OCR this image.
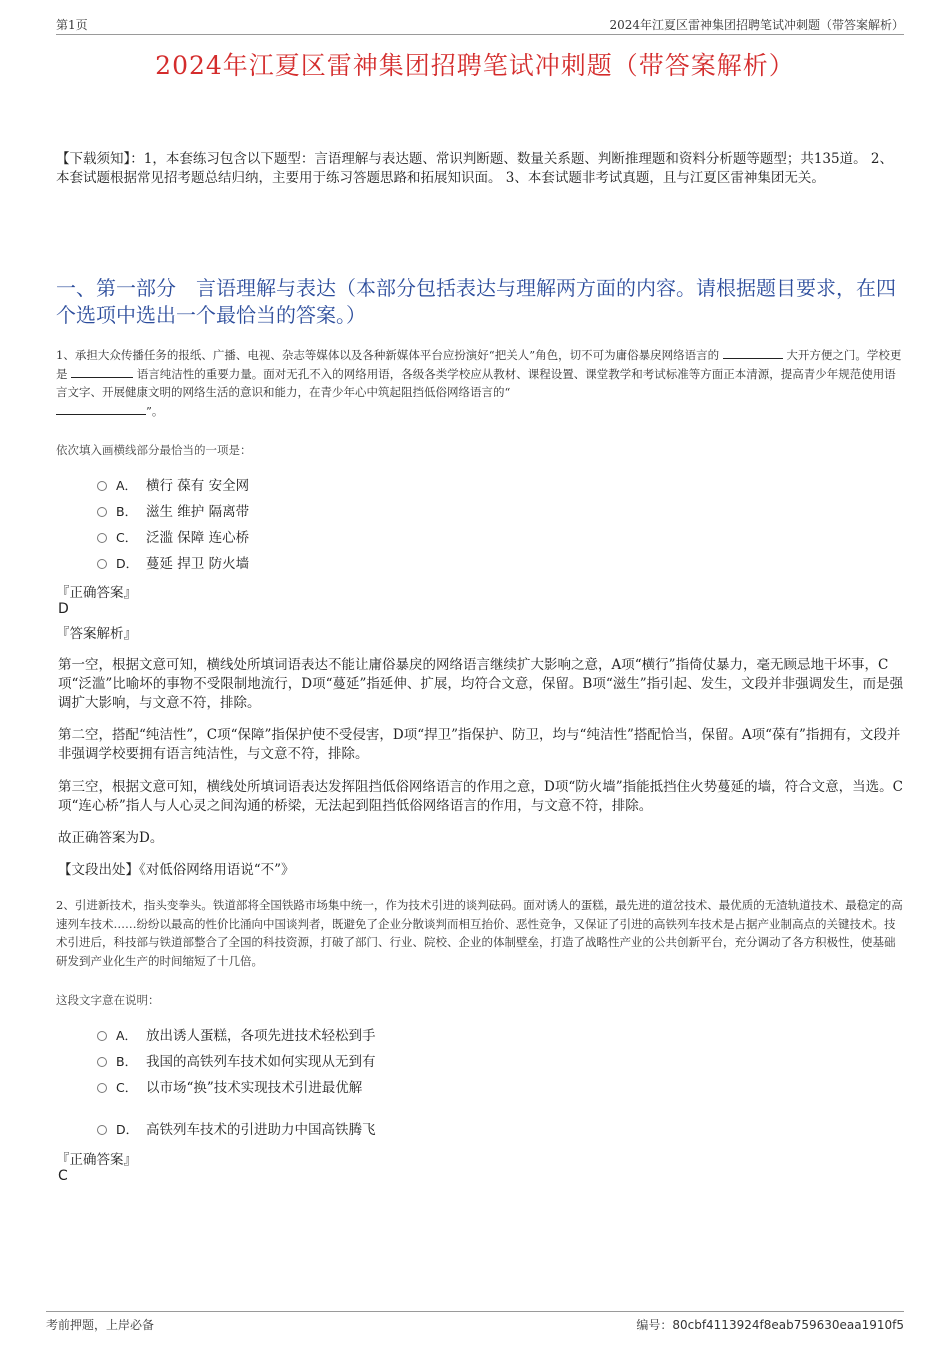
第1页	2024年江夏区雷神集团招聘笔试冲刺题（带答案解析）
2024年江夏区雷神集团招聘笔试冲刺题（带答案解析）
【下载须知】：1，本套练习包含以下题型：言语理解与表达题、常识判断题、数量关系题、判断推理题和资料分析题等题型；共135道。 2、本套试题根据常见招考题总结归纳，主要用于练习答题思路和拓展知识面。 3、本套试题非考试真题，且与江夏区雷神集团无关。
一、第一部分　言语理解与表达（本部分包括表达与理解两方面的内容。请根据题目要求，在四个选项中选出一个最恰当的答案。）
1、承担大众传播任务的报纸、广播、电视、杂志等媒体以及各种新媒体平台应扮演好“把关人”角色，切不可为庸俗暴戾网络语言的	大开方便之门。学校更是	语言纯洁性的重要力量。面对无孔不入的网络用语，各级各类学校应从教材、课程设置、课堂教学和考试标准等方面正本清源，提高青少年规范使用语言文字、开展健康文明的网络生活的意识和能力，在青少年心中筑起阻挡低俗网络语言的“
”。
依次填入画横线部分最恰当的一项是：
A． 横行 葆有 安全网
B． 滋生 维护 隔离带
C． 泛滥 保障 连心桥
D． 蔓延 捍卫 防火墙
『正确答案』
D
『答案解析』
第一空，根据文意可知，横线处所填词语表达不能让庸俗暴戾的网络语言继续扩大影响之意，A项“横行”指倚仗暴力，毫无顾忌地干坏事，C项“泛滥”比喻坏的事物不受限制地流行，D项“蔓延”指延伸、扩展，均符合文意，保留。B项“滋生”指引起、发生，文段并非强调发生，而是强调扩大影响，与文意不符，排除。
第二空，搭配“纯洁性”，C项“保障”指保护使不受侵害，D项“捍卫”指保护、防卫，均与“纯洁性”搭配恰当，保留。A项“葆有”指拥有，文段并非强调学校要拥有语言纯洁性，与文意不符，排除。
第三空，根据文意可知，横线处所填词语表达发挥阻挡低俗网络语言的作用之意，D项“防火墙”指能抵挡住火势蔓延的墙，符合文意，当选。C项“连心桥”指人与人心灵之间沟通的桥梁，无法起到阻挡低俗网络语言的作用，与文意不符，排除。
故正确答案为D。
【文段出处】《对低俗网络用语说“不”》
2、引进新技术，指头变拳头。铁道部将全国铁路市场集中统一，作为技术引进的谈判砝码。面对诱人的蛋糕，最先进的道岔技术、最优质的无渣轨道技术、最稳定的高速列车技术……纷纷以最高的性价比涌向中国谈判者，既避免了企业分散谈判而相互抬价、恶性竞争，又保证了引进的高铁列车技术是占据产业制高点的关键技术。技术引进后，科技部与铁道部整合了全国的科技资源，打破了部门、行业、院校、企业的体制壁垒，打造了战略性产业的公共创新平台，充分调动了各方积极性，使基础研发到产业化生产的时间缩短了十几倍。
这段文字意在说明：
A． 放出诱人蛋糕，各项先进技术轻松到手
B． 我国的高铁列车技术如何实现从无到有
C． 以市场“换”技术实现技术引进最优解
D． 高铁列车技术的引进助力中国高铁腾飞
『正确答案』
C
考前押题，上岸必备	编号：80cbf4113924f8eab759630eaa1910f5
